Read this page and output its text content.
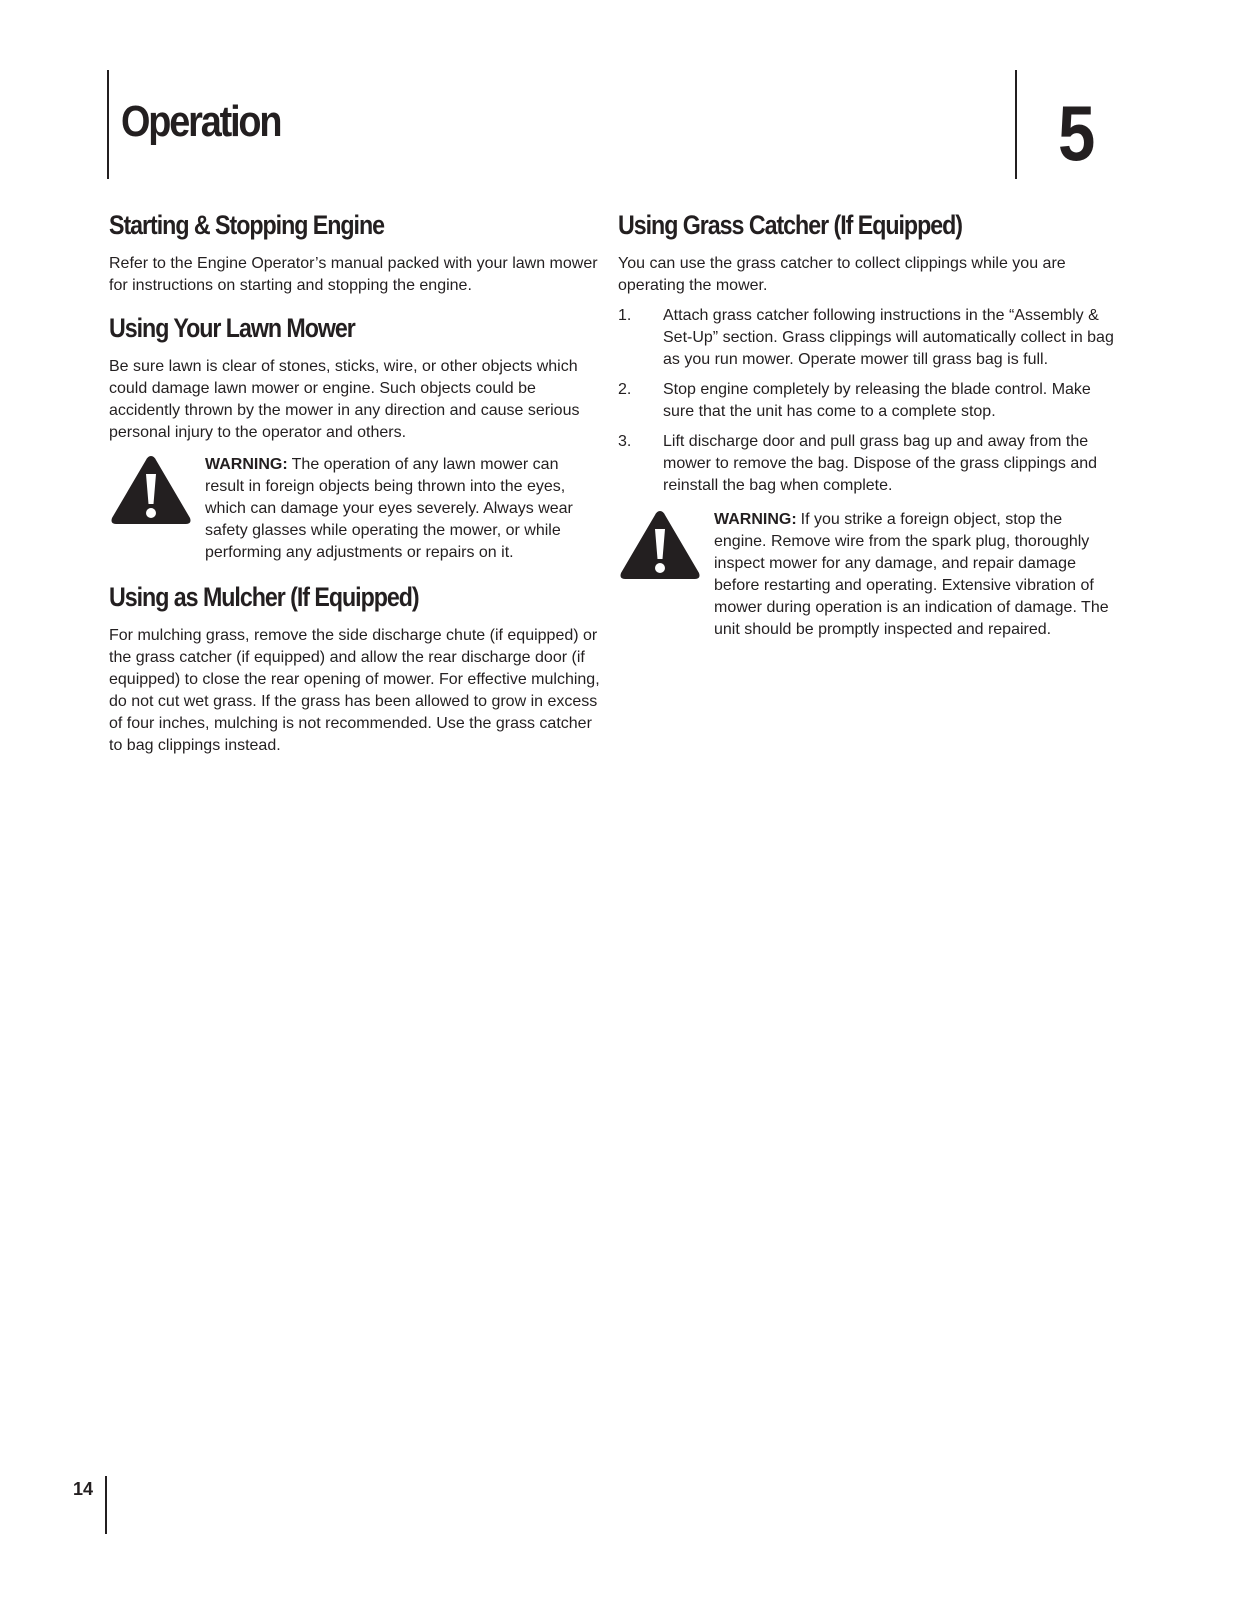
Operation	5
Starting & Stopping Engine

Refer to the Engine Operator’s manual packed with your lawn mower for instructions on starting and stopping the engine.

Using Your Lawn Mower

Be sure lawn is clear of stones, sticks, wire, or other objects which could damage lawn mower or engine. Such objects could be accidently thrown by the mower in any direction and cause serious personal injury to the operator and others.

WARNING: The operation of any lawn mower can result in foreign objects being thrown into the eyes, which can damage your eyes severely. Always wear safety glasses while operating the mower, or while performing any adjustments or repairs on it.
Using as Mulcher (If Equipped)

For mulching grass, remove the side discharge chute (if equipped) or the grass catcher (if equipped) and allow the rear discharge door (if equipped) to close the rear opening of mower. For effective mulching, do not cut wet grass. If the grass has been allowed to grow in excess of four inches, mulching is not recommended. Use the grass catcher to bag clippings instead.

Using Grass Catcher (If Equipped)

You can use the grass catcher to collect clippings while you are operating the mower.

1.	Attach grass catcher following instructions in the “Assembly & Set-Up” section. Grass clippings will automatically collect in bag as you run mower. Operate mower till grass bag is full.
2.	Stop engine completely by releasing the blade control. Make sure that the unit has come to a complete stop.
3.	Lift discharge door and pull grass bag up and away from the mower to remove the bag. Dispose of the grass clippings and reinstall the bag when complete.
WARNING: If you strike a foreign object, stop the engine. Remove wire from the spark plug, thoroughly inspect mower for any damage, and repair damage before restarting and operating. Extensive vibration of mower during operation is an indication of damage. The unit should be promptly inspected and repaired.
14
